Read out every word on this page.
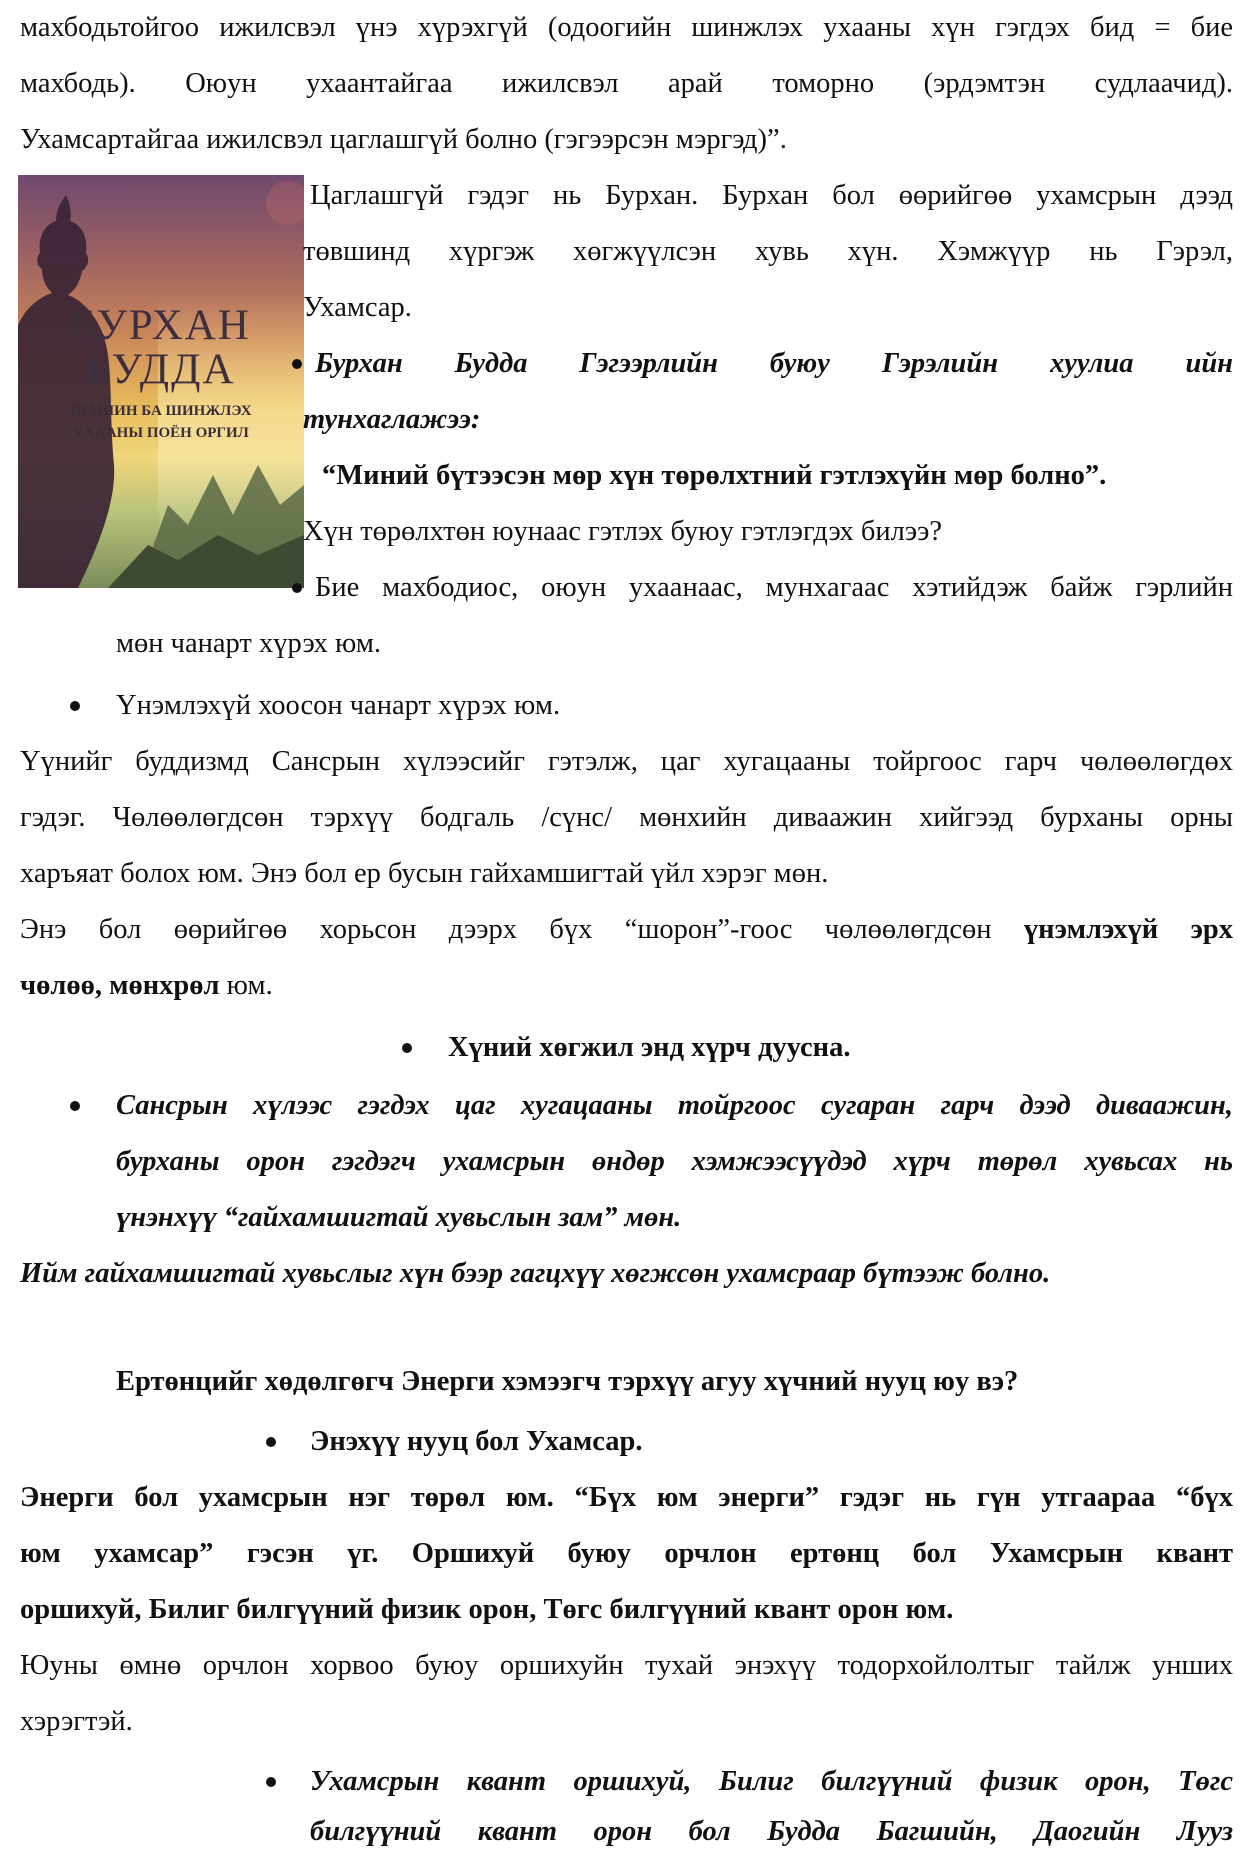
махбодьтойгоо ижилсвэл үнэ хүрэхгүй (одоогийн шинжлэх ухааны хүн гэгдэх бид = бие
махбодь). Оюун ухаантайгаа ижилсвэл арай томорно (эрдэмтэн судлаачид).
Ухамсартайгаа ижилсвэл цаглашгүй болно (гэгээрсэн мэргэд)”.
БУРХАН
БУДДА
ШАШИН БА ШИНЖЛЭХ
УХААНЫ ПОЁН ОРГИЛ
Цаглашгүй гэдэг нь Бурхан. Бурхан бол өөрийгөө ухамсрын дээд
төвшинд хүргэж хөгжүүлсэн хувь хүн. Хэмжүүр нь Гэрэл,
Ухамсар.
Бурхан Будда Гэгээрлийн буюу Гэрэлийн хуулиа ийн
тунхаглажээ:
“Миний бүтээсэн мөр хүн төрөлхтний гэтлэхүйн мөр болно”.
Хүн төрөлхтөн юунаас гэтлэх буюу гэтлэгдэх билээ?
Бие махбодиос, оюун ухаанаас, мунхагаас хэтийдэж байж гэрлийн
мөн чанарт хүрэх юм.
Үнэмлэхүй хоосон чанарт хүрэх юм.
Үүнийг буддизмд Сансрын хүлээсийг гэтэлж, цаг хугацааны тойргоос гарч чөлөөлөгдөх
гэдэг. Чөлөөлөгдсөн тэрхүү бодгаль /сүнс/ мөнхийн диваажин хийгээд бурханы орны
харъяат болох юм. Энэ бол ер бусын гайхамшигтай үйл хэрэг мөн.
Энэ бол өөрийгөө хорьсон дээрх бүх “шорон”-гоос чөлөөлөгдсөн үнэмлэхүй эрх
чөлөө, мөнхрөл юм.
Хүний хөгжил энд хүрч дуусна.
Сансрын хүлээс гэгдэх цаг хугацааны тойргоос сугаран гарч дээд диваажин,
бурханы орон гэгдэгч ухамсрын өндөр хэмжээсүүдэд хүрч төрөл хувьсах нь
үнэнхүү “гайхамшигтай хувьслын зам” мөн.
Ийм гайхамшигтай хувьслыг хүн бээр гагцхүү хөгжсөн ухамсраар бүтээж болно.
Ертөнцийг хөдөлгөгч Энерги хэмээгч тэрхүү агуу хүчний нууц юу вэ?
Энэхүү нууц бол Ухамсар.
Энерги бол ухамсрын нэг төрөл юм. “Бүх юм энерги” гэдэг нь гүн утгаараа “бүх
юм ухамсар” гэсэн үг. Оршихуй буюу орчлон ертөнц бол Ухамсрын квант
оршихуй, Билиг билгүүний физик орон, Төгс билгүүний квант орон юм.
Юуны өмнө орчлон хорвоо буюу оршихуйн тухай энэхүү тодорхойлолтыг тайлж унших
хэрэгтэй.
Ухамсрын квант оршихуй, Билиг билгүүний физик орон, Төгс
билгүүний квант орон бол Будда Багшийн, Даогийн Лууз
